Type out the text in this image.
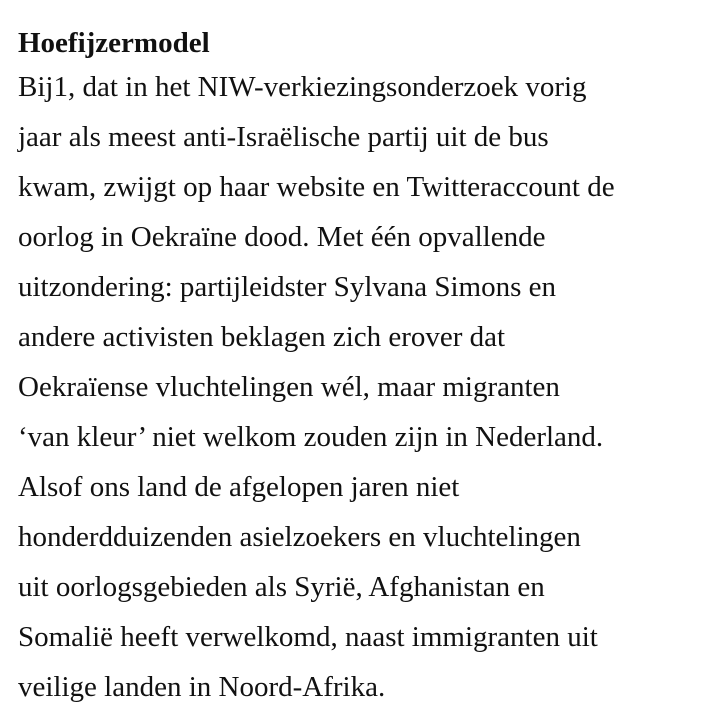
Hoefijzermodel

Bij1, dat in het NIW-verkiezingsonderzoek vorig
jaar als meest anti-Israëlische partij uit de bus
kwam, zwijgt op haar website en Twitteraccount de
oorlog in Oekraïne dood. Met één opvallende
uitzondering: partijleidster Sylvana Simons en
andere activisten beklagen zich erover dat
Oekraïense vluchtelingen wél, maar migranten
‘van kleur’ niet welkom zouden zijn in Nederland.
Alsof ons land de afgelopen jaren niet
honderdduizenden asielzoekers en vluchtelingen
uit oorlogsgebieden als Syrië, Afghanistan en
Somalië heeft verwelkomd, naast immigranten uit
veilige landen in Noord-Afrika.
